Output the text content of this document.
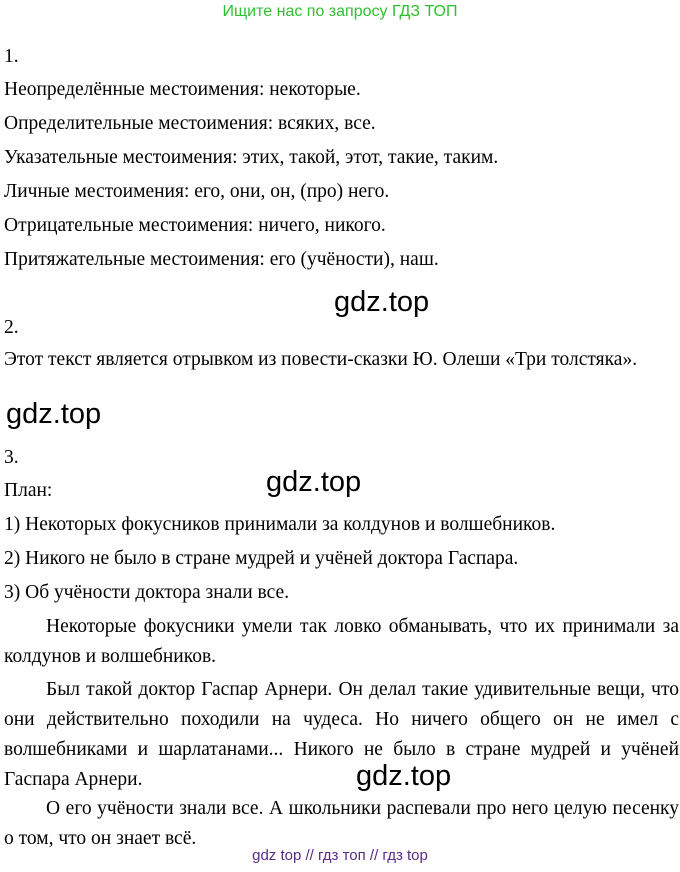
Ищите нас по запросу ГДЗ ТОП
1.
Неопределённые местоимения: некоторые.
Определительные местоимения: всяких, все.
Указательные местоимения: этих, такой, этот, такие, таким.
Личные местоимения: его, они, он, (про) него.
Отрицательные местоимения: ничего, никого.
Притяжательные местоимения: его (учёности), наш.
gdz.top
2.
Этот текст является отрывком из повести-сказки Ю. Олеши «Три толстяка».
gdz.top
3.
План:	gdz.top
1) Некоторых фокусников принимали за колдунов и волшебников.
2) Никого не было в стране мудрей и учёней доктора Гаспара.
3) Об учёности доктора знали все.
Некоторые фокусники умели так ловко обманывать, что их принимали за колдунов и волшебников.
Был такой доктор Гаспар Арнери. Он делал такие удивительные вещи, что они действительно походили на чудеса. Но ничего общего он не имел с волшебниками и шарлатанами... Никого не было в стране мудрей и учёней Гаспара Арнери.	gdz.top
О его учёности знали все. А школьники распевали про него целую песенку о том, что он знает всё.
gdz top // гдз топ // гдз top
